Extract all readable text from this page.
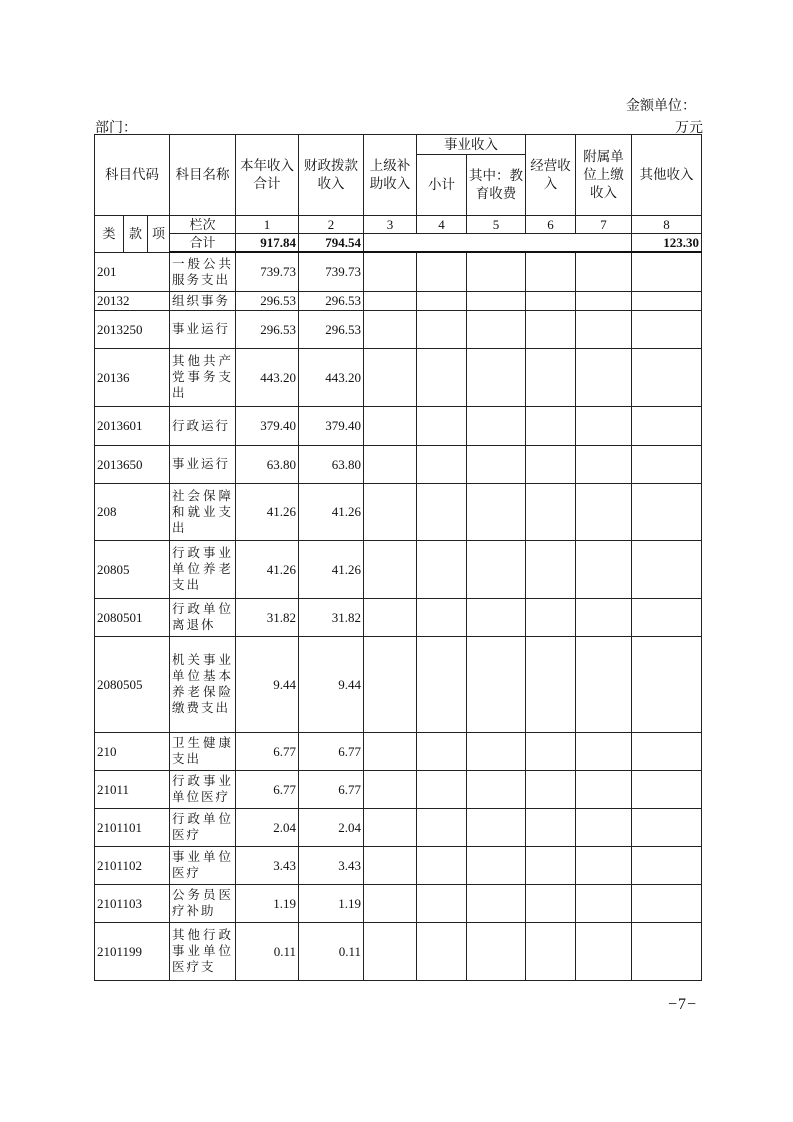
金额单位：
部门：	万元
科目代码			科目名称	本年收入合计	财政拨款收入	上级补助收入	事业收入		经营收入	附属单位上缴收入	其他收入
							小计	其中：教育收费			
类	款	项	栏次	1	2	3	4	5	6	7	8
			合计	917.84	794.54						123.30
201			一般公共服务支出	739.73	739.73						
20132			组织事务	296.53	296.53						
2013250			事业运行	296.53	296.53						
20136			其他共产党事务支出	443.20	443.20						
2013601			行政运行	379.40	379.40						
2013650			事业运行	63.80	63.80						
208			社会保障和就业支出	41.26	41.26						
20805			行政事业单位养老支出	41.26	41.26						
2080501			行政单位离退休	31.82	31.82						
2080505			机关事业单位基本养老保险缴费支出	9.44	9.44						
210			卫生健康支出	6.77	6.77						
21011			行政事业单位医疗	6.77	6.77						
2101101			行政单位医疗	2.04	2.04						
2101102			事业单位医疗	3.43	3.43						
2101103			公务员医疗补助	1.19	1.19						
2101199			其他行政事业单位医疗支	0.11	0.11						
−7−
